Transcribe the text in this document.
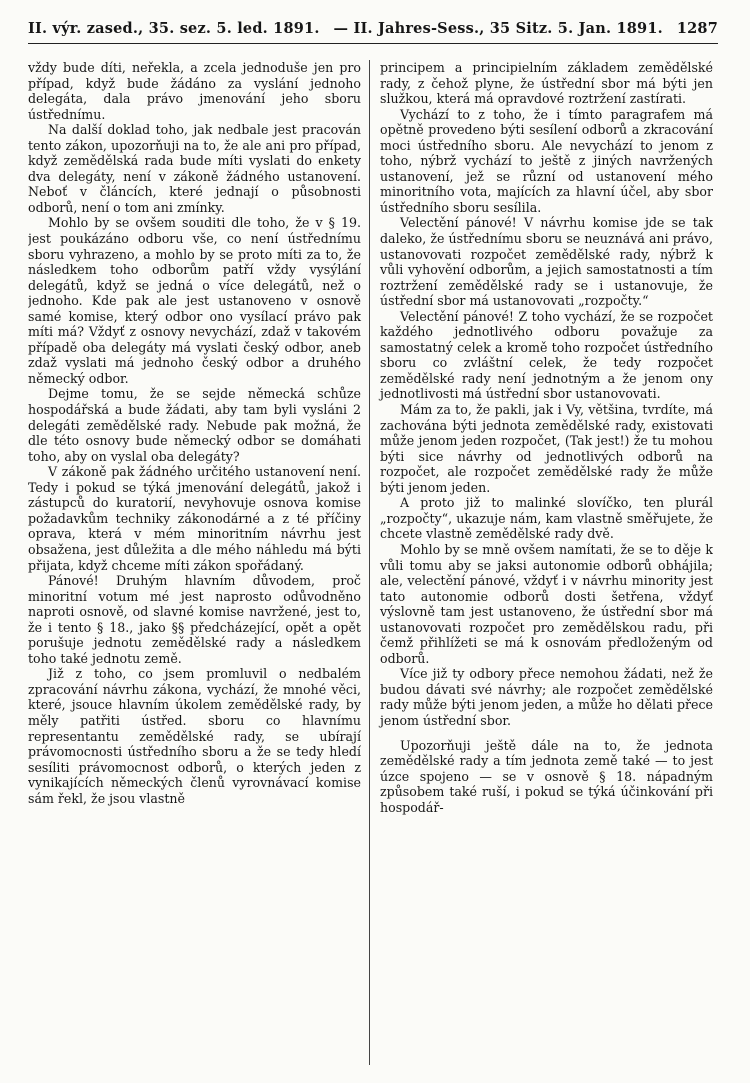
II. výr. zased., 35. sez. 5. led. 1891. — II. Jahres-Sess., 35 Sitz. 5. Jan. 1891. 1287

vždy bude díti, neřekla, a zcela jednoduše jen pro případ, když bude žádáno za vyslání jednoho delegáta, dala právo jmenování jeho sboru ústřednímu.

Na další doklad toho, jak nedbale jest pracován tento zákon, upozorňuji na to, že ale ani pro případ, když zemědělská rada bude míti vyslati do enkety dva delegáty, není v zákoně žádného ustanovení. Neboť v článcích, které jednají o působnosti odborů, není o tom ani zmínky.

Mohlo by se ovšem souditi dle toho, že v § 19. jest poukázáno odboru vše, co není ústřednímu sboru vyhrazeno, a mohlo by se proto míti za to, že následkem toho odborům patří vždy vysýlání delegátů, když se jedná o více delegátů, než o jednoho. Kde pak ale jest ustanoveno v osnově samé komise, který odbor ono vysílací právo pak míti má? Vždyť z osnovy nevychází, zdaž v takovém případě oba delegáty má vyslati český odbor, aneb zdaž vyslati má jednoho český odbor a druhého německý odbor.

Dejme tomu, že se sejde německá schůze hospodářská a bude žádati, aby tam byli vysláni 2 delegáti zemědělské rady. Nebude pak možná, že dle této osnovy bude německý odbor se domáhati toho, aby on vyslal oba delegáty?

V zákoně pak žádného určitého ustanovení není. Tedy i pokud se týká jmenování delegátů, jakož i zástupců do kuratorií, nevyhovuje osnova komise požadavkům techniky zákonodárné a z té příčiny oprava, která v mém minoritním návrhu jest obsažena, jest důležita a dle mého náhledu má býti přijata, když chceme míti zákon spořádaný.

Pánové! Druhým hlavním důvodem, proč minoritní votum mé jest naprosto odůvodněno naproti osnově, od slavné komise navržené, jest to, že i tento § 18., jako §§ předcházející, opět a opět porušuje jednotu zemědělské rady a následkem toho také jednotu země.

Již z toho, co jsem promluvil o nedbalém zpracování návrhu zákona, vychází, že mnohé věci, které, jsouce hlavním úkolem zemědělské rady, by měly patřiti ústřed. sboru co hlavnímu representantu zemědělské rady, se ubírají právomocnosti ústředního sboru a že se tedy hledí sesíliti právomocnost odborů, o kterých jeden z vynikajících německých členů vyrovnávací komise sám řekl, že jsou vlastně

principem a principielním základem zemědělské rady, z čehož plyne, že ústřední sbor má býti jen služkou, která má opravdové roztržení zastírati.

Vychází to z toho, že i tímto paragrafem má opětně provedeno býti sesílení odborů a zkracování moci ústředního sboru. Ale nevychází to jenom z toho, nýbrž vychází to ještě z jiných navržených ustanovení, jež se různí od ustanovení mého minoritního vota, majících za hlavní účel, aby sbor ústředního sboru sesílila.

Velectění pánové! V návrhu komise jde se tak daleko, že ústřednímu sboru se neuznává ani právo, ustanovovati rozpočet zemědělské rady, nýbrž k vůli vyhovění odborům, a jejich samostatnosti a tím roztržení zemědělské rady se i ustanovuje, že ústřední sbor má ustanovovati „rozpočty.“

Velectění pánové! Z toho vychází, že se rozpočet každého jednotlivého odboru považuje za samostatný celek a kromě toho rozpočet ústředního sboru co zvláštní celek, že tedy rozpočet zemědělské rady není jednotným a že jenom ony jednotlivosti má ústřední sbor ustanovovati.

Mám za to, že pakli, jak i Vy, většina, tvrdíte, má zachována býti jednota zemědělské rady, existovati může jenom jeden rozpočet, (Tak jest!) že tu mohou býti sice návrhy od jednotlivých odborů na rozpočet, ale rozpočet zemědělské rady že může býti jenom jeden.

A proto již to malinké slovíčko, ten plurál „rozpočty“, ukazuje nám, kam vlastně směřujete, že chcete vlastně zemědělské rady dvě.

Mohlo by se mně ovšem namítati, že se to děje k vůli tomu aby se jaksi autonomie odborů obhájila; ale, velectění pánové, vždyť i v návrhu minority jest tato autonomie odborů dosti šetřena, vždyť výslovně tam jest ustanoveno, že ústřední sbor má ustanovovati rozpočet pro zemědělskou radu, při čemž přihlížeti se má k osnovám předloženým od odborů.

Více již ty odbory přece nemohou žádati, než že budou dávati své návrhy; ale rozpočet zemědělské rady může býti jenom jeden, a může ho dělati přece jenom ústřední sbor.

Upozorňuji ještě dále na to, že jednota zemědělské rady a tím jednota země také — to jest úzce spojeno — se v osnově § 18. nápadným způsobem také ruší, i pokud se týká účinkování při hospodář-
